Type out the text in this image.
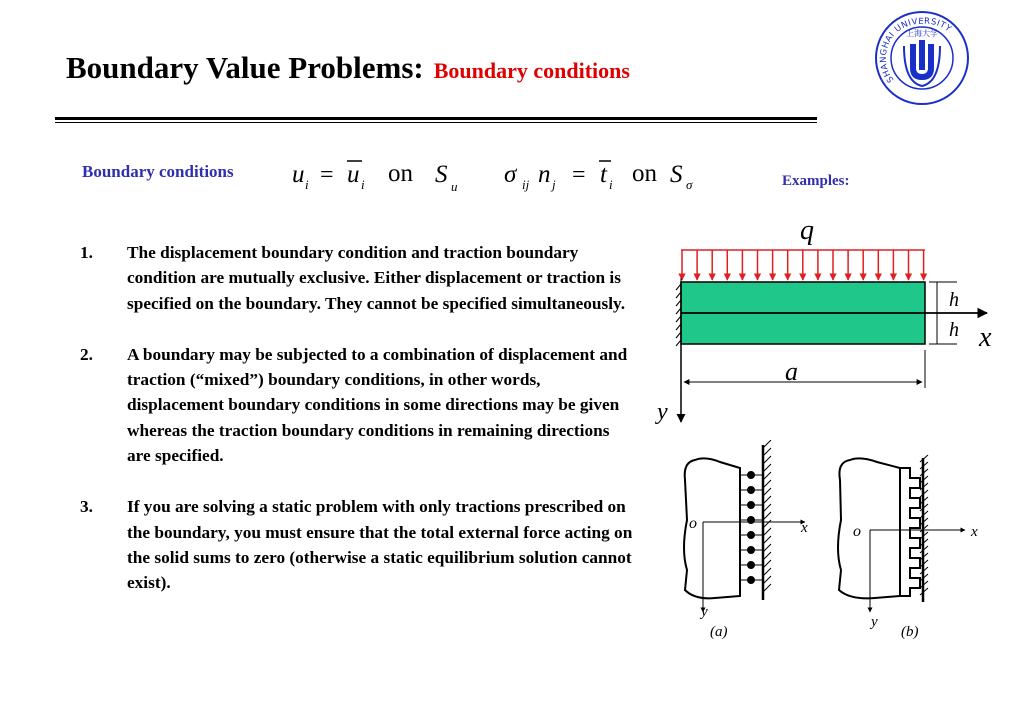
Boundary Value Problems: Boundary conditions	SHANGHAI UNIVERSITY
上海大学
Boundary conditions u i = u i on S u σ ij n j = t i on S σ	Examples:
1. The displacement boundary condition and traction boundary condition are mutually exclusive. Either displacement or traction is specified on the boundary. They cannot be specified simultaneously.
2. A boundary may be subjected to a combination of displacement and traction (“mixed”) boundary conditions, in other words, displacement boundary conditions in some directions may be given whereas the traction boundary conditions in remaining directions are specified.
3. If you are solving a static problem with only tractions prescribed on the boundary, you must ensure that the total external force acting on the solid sums to zero (otherwise a static equilibrium solution cannot exist).
q
h
h x
a
y
o	x
y
(a)
o	x
y
(b)
